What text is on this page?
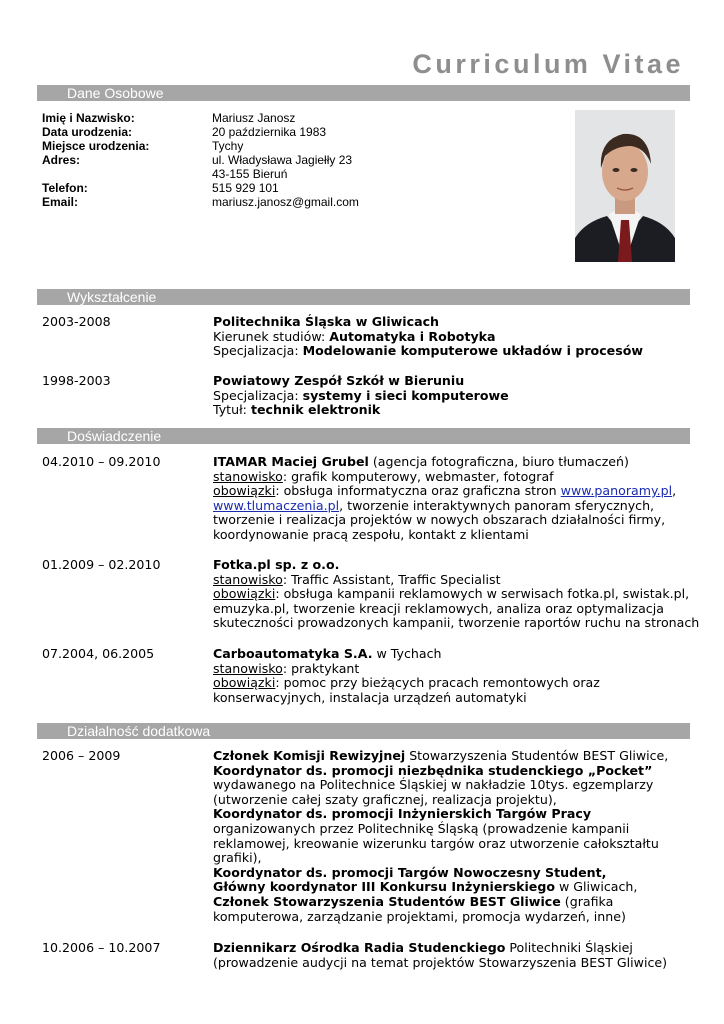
Curriculum Vitae
Dane Osobowe
Imię i Nazwisko:	Mariusz Janosz
Data urodzenia:	20 października 1983
Miejsce urodzenia:	Tychy
Adres:	ul. Władysława Jagiełły 23
43-155 Bieruń
Telefon:	515 929 101
Email:	mariusz.janosz@gmail.com
Wykształcenie
2003-2008	Politechnika Śląska w Gliwicach
Kierunek studiów: Automatyka i Robotyka
Specjalizacja: Modelowanie komputerowe układów i procesów
1998-2003	Powiatowy Zespół Szkół w Bieruniu
Specjalizacja: systemy i sieci komputerowe
Tytuł: technik elektronik
Doświadczenie
04.2010 – 09.2010	ITAMAR Maciej Grubel (agencja fotograficzna, biuro tłumaczeń)
stanowisko: grafik komputerowy, webmaster, fotograf
obowiązki: obsługa informatyczna oraz graficzna stron www.panoramy.pl,
www.tlumaczenia.pl, tworzenie interaktywnych panoram sferycznych,
tworzenie i realizacja projektów w nowych obszarach działalności firmy,
koordynowanie pracą zespołu, kontakt z klientami
01.2009 – 02.2010	Fotka.pl sp. z o.o.
stanowisko: Traffic Assistant, Traffic Specialist
obowiązki: obsługa kampanii reklamowych w serwisach fotka.pl, swistak.pl,
emuzyka.pl, tworzenie kreacji reklamowych, analiza oraz optymalizacja
skuteczności prowadzonych kampanii, tworzenie raportów ruchu na stronach
07.2004, 06.2005	Carboautomatyka S.A. w Tychach
stanowisko: praktykant
obowiązki: pomoc przy bieżących pracach remontowych oraz
konserwacyjnych, instalacja urządzeń automatyki
Działalność dodatkowa
2006 – 2009	Członek Komisji Rewizyjnej Stowarzyszenia Studentów BEST Gliwice,
Koordynator ds. promocji niezbędnika studenckiego „Pocket”
wydawanego na Politechnice Śląskiej w nakładzie 10tys. egzemplarzy
(utworzenie całej szaty graficznej, realizacja projektu),
Koordynator ds. promocji Inżynierskich Targów Pracy
organizowanych przez Politechnikę Śląską (prowadzenie kampanii
reklamowej, kreowanie wizerunku targów oraz utworzenie całokształtu
grafiki),
Koordynator ds. promocji Targów Nowoczesny Student,
Główny koordynator III Konkursu Inżynierskiego w Gliwicach,
Członek Stowarzyszenia Studentów BEST Gliwice (grafika
komputerowa, zarządzanie projektami, promocja wydarzeń, inne)
10.2006 – 10.2007	Dziennikarz Ośrodka Radia Studenckiego Politechniki Śląskiej
(prowadzenie audycji na temat projektów Stowarzyszenia BEST Gliwice)
